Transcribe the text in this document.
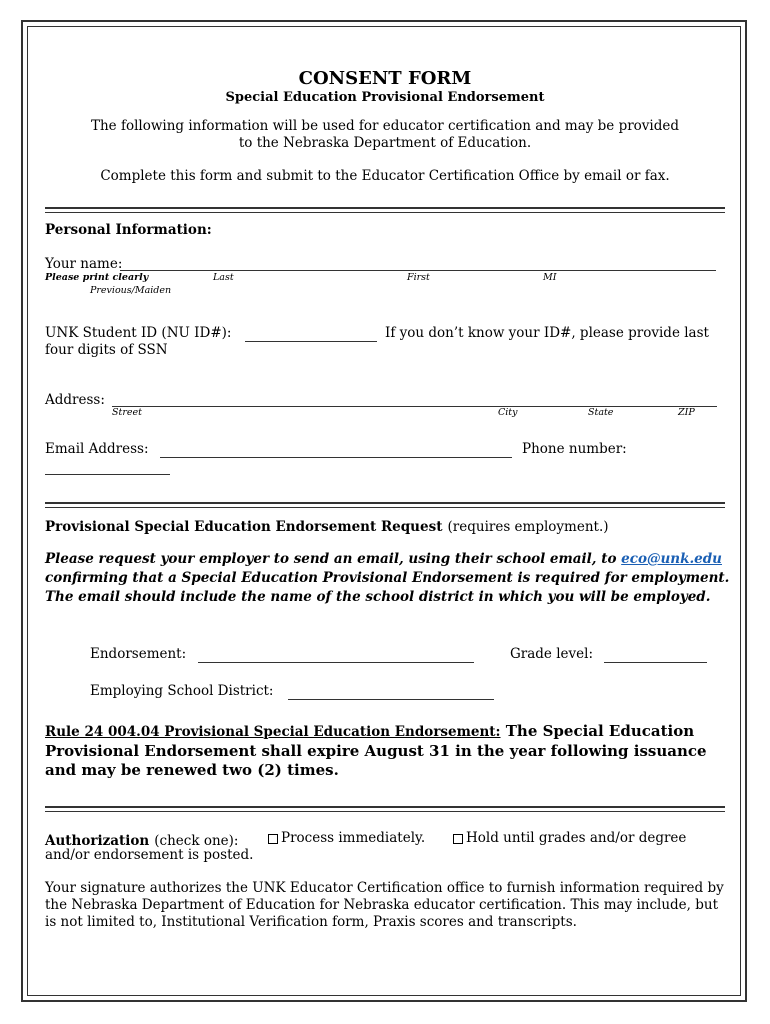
CONSENT FORM
Special Education Provisional Endorsement
The following information will be used for educator certification and may be provided
to the Nebraska Department of Education.
Complete this form and submit to the Educator Certification Office by email or fax.
Personal Information:
Your name:
Please print clearly	Last	First	MI
Previous/Maiden
UNK Student ID (NU ID#):	If you don’t know your ID#, please provide last
four digits of SSN
Address:
Street	City	State	ZIP
Email Address:	Phone number:
Provisional Special Education Endorsement Request (requires employment.)
Please request your employer to send an email, using their school email, to eco@unk.edu confirming that a Special Education Provisional Endorsement is required for employment. The email should include the name of the school district in which you will be employed.
Endorsement:	Grade level:
Employing School District:
Rule 24 004.04 Provisional Special Education Endorsement: The Special Education Provisional Endorsement shall expire August 31 in the year following issuance and may be renewed two (2) times.
Authorization (check one):	Process immediately.	Hold until grades and/or degree
and/or endorsement is posted.
Your signature authorizes the UNK Educator Certification office to furnish information required by the Nebraska Department of Education for Nebraska educator certification. This may include, but is not limited to, Institutional Verification form, Praxis scores and transcripts.
